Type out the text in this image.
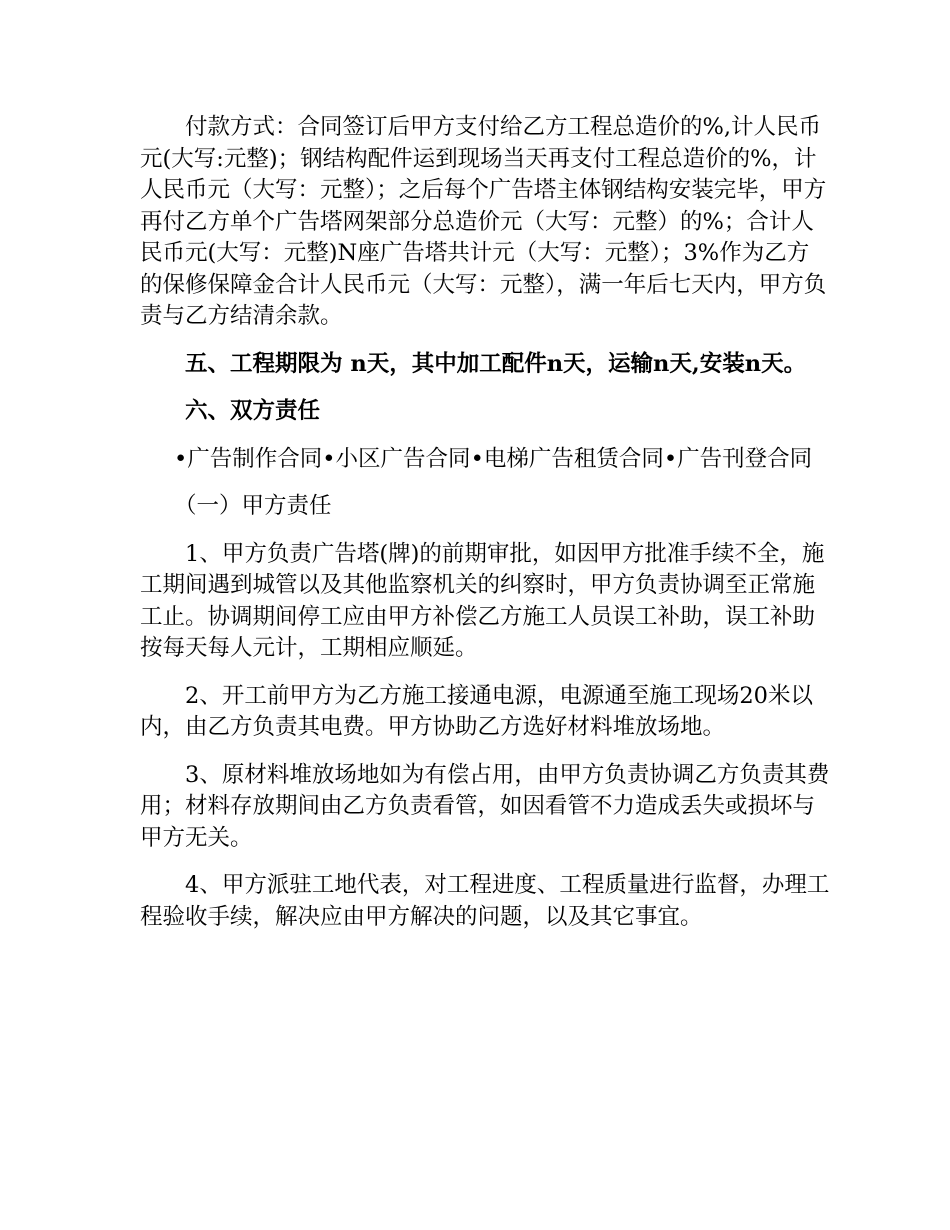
付款方式：合同签订后甲方支付给乙方工程总造价的%,计人民币元(大写:元整)；钢结构配件运到现场当天再支付工程总造价的%，计人民币元（大写：元整）；之后每个广告塔主体钢结构安装完毕，甲方再付乙方单个广告塔网架部分总造价元（大写：元整）的%；合计人民币元(大写：元整)N座广告塔共计元（大写：元整）；3%作为乙方的保修保障金合计人民币元（大写：元整），满一年后七天内，甲方负责与乙方结清余款。

五、工程期限为 n天，其中加工配件n天，运输n天,安装n天。

六、双方责任

•广告制作合同•小区广告合同•电梯广告租赁合同•广告刊登合同

（一）甲方责任

1、甲方负责广告塔(牌)的前期审批，如因甲方批准手续不全，施工期间遇到城管以及其他监察机关的纠察时，甲方负责协调至正常施工止。协调期间停工应由甲方补偿乙方施工人员误工补助，误工补助按每天每人元计，工期相应顺延。

2、开工前甲方为乙方施工接通电源，电源通至施工现场20米以内，由乙方负责其电费。甲方协助乙方选好材料堆放场地。

3、原材料堆放场地如为有偿占用，由甲方负责协调乙方负责其费用；材料存放期间由乙方负责看管，如因看管不力造成丢失或损坏与甲方无关。

4、甲方派驻工地代表，对工程进度、工程质量进行监督，办理工程验收手续，解决应由甲方解决的问题，以及其它事宜。
